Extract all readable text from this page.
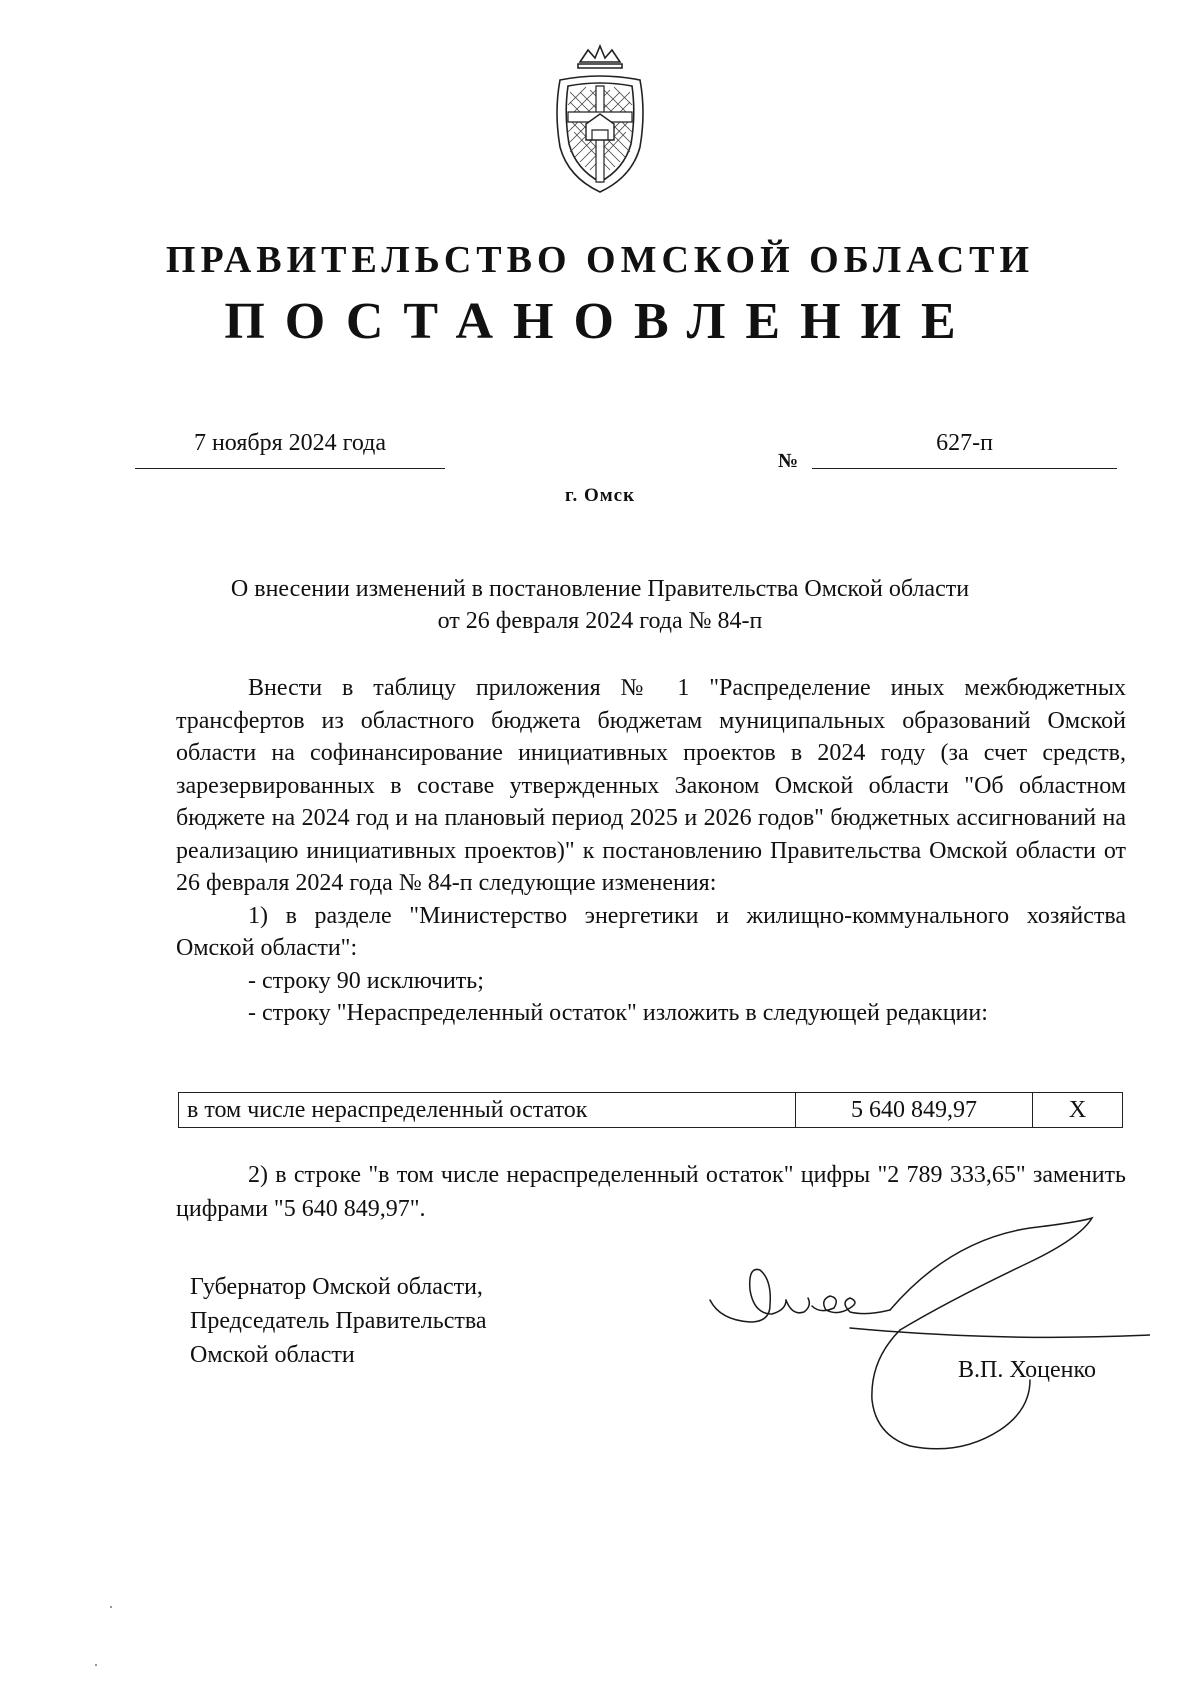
ПРАВИТЕЛЬСТВО ОМСКОЙ ОБЛАСТИ
ПОСТАНОВЛЕНИЕ
7 ноября 2024 года
№
627-п
г. Омск
О внесении изменений в постановление Правительства Омской области
от 26 февраля 2024 года № 84-п

Внести в таблицу приложения № 1 "Распределение иных межбюджетных трансфертов из областного бюджета бюджетам муниципальных образований Омской области на софинансирование инициативных проектов в 2024 году (за счет средств, зарезервированных в составе утвержденных Законом Омской области "Об областном бюджете на 2024 год и на плановый период 2025 и 2026 годов" бюджетных ассигнований на реализацию инициативных проектов)" к постановлению Правительства Омской области от 26 февраля 2024 года № 84-п следующие изменения:

1) в разделе "Министерство энергетики и жилищно-коммунального хозяйства Омской области":

- строку 90 исключить;

- строку "Нераспределенный остаток" изложить в следующей редакции:

в том числе нераспределенный остаток	5 640 849,97	Х

2) в строке "в том числе нераспределенный остаток" цифры "2 789 333,65" заменить цифрами "5 640 849,97".

Губернатор Омской области,
Председатель Правительства
Омской области
В.П. Хоценко
